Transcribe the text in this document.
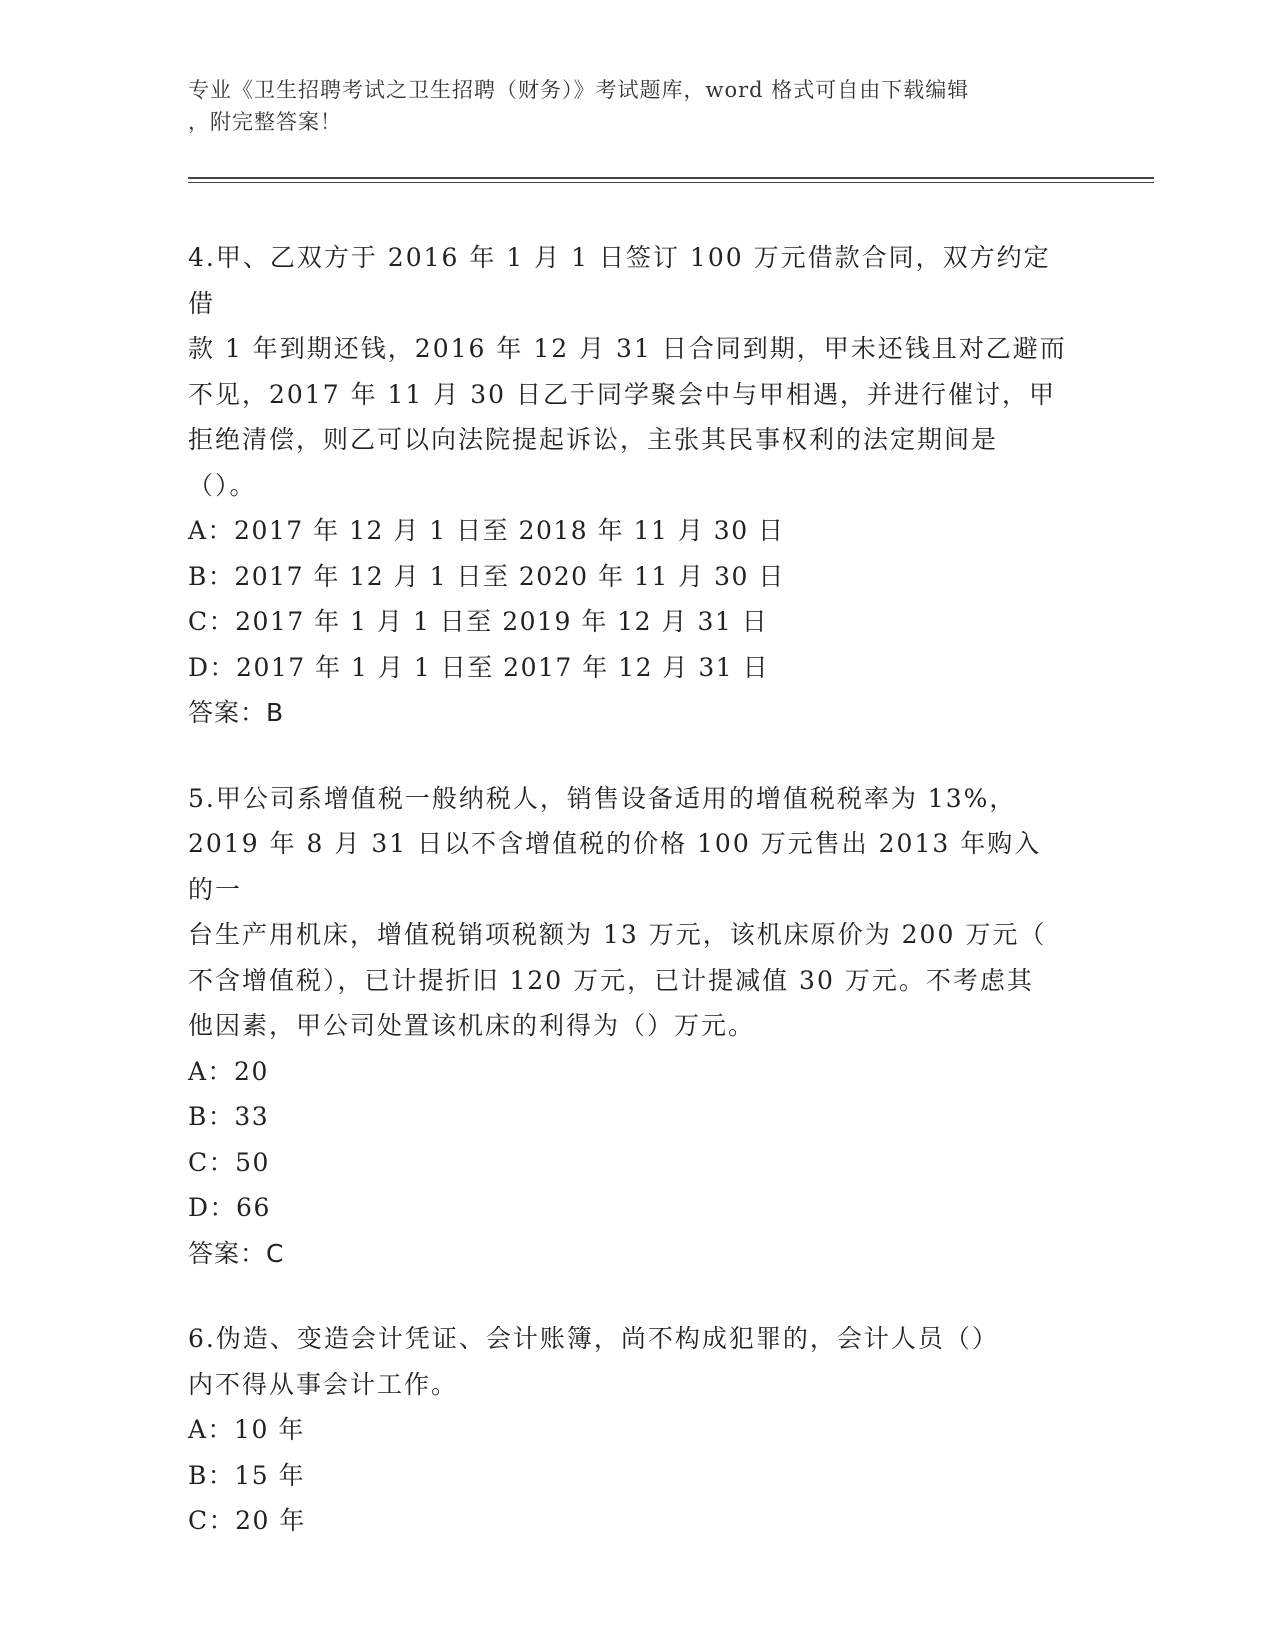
专业《卫生招聘考试之卫生招聘（财务）》考试题库，word 格式可自由下载编辑
，附完整答案！
4.甲、乙双方于 2016 年 1 月 1 日签订 100 万元借款合同，双方约定借
款 1 年到期还钱，2016 年 12 月 31 日合同到期，甲未还钱且对乙避而
不见，2017 年 11 月 30 日乙于同学聚会中与甲相遇，并进行催讨，甲
拒绝清偿，则乙可以向法院提起诉讼，主张其民事权利的法定期间是
（）。
A：2017 年 12 月 1 日至 2018 年 11 月 30 日
B：2017 年 12 月 1 日至 2020 年 11 月 30 日
C：2017 年 1 月 1 日至 2019 年 12 月 31 日
D：2017 年 1 月 1 日至 2017 年 12 月 31 日
答案：B
5.甲公司系增值税一般纳税人，销售设备适用的增值税税率为 13%，
2019 年 8 月 31 日以不含增值税的价格 100 万元售出 2013 年购入的一
台生产用机床，增值税销项税额为 13 万元，该机床原价为 200 万元（
不含增值税），已计提折旧 120 万元，已计提减值 30 万元。不考虑其
他因素，甲公司处置该机床的利得为（）万元。
A：20
B：33
C：50
D：66
答案：C
6.伪造、变造会计凭证、会计账簿，尚不构成犯罪的，会计人员（）
内不得从事会计工作。
A：10 年
B：15 年
C：20 年
